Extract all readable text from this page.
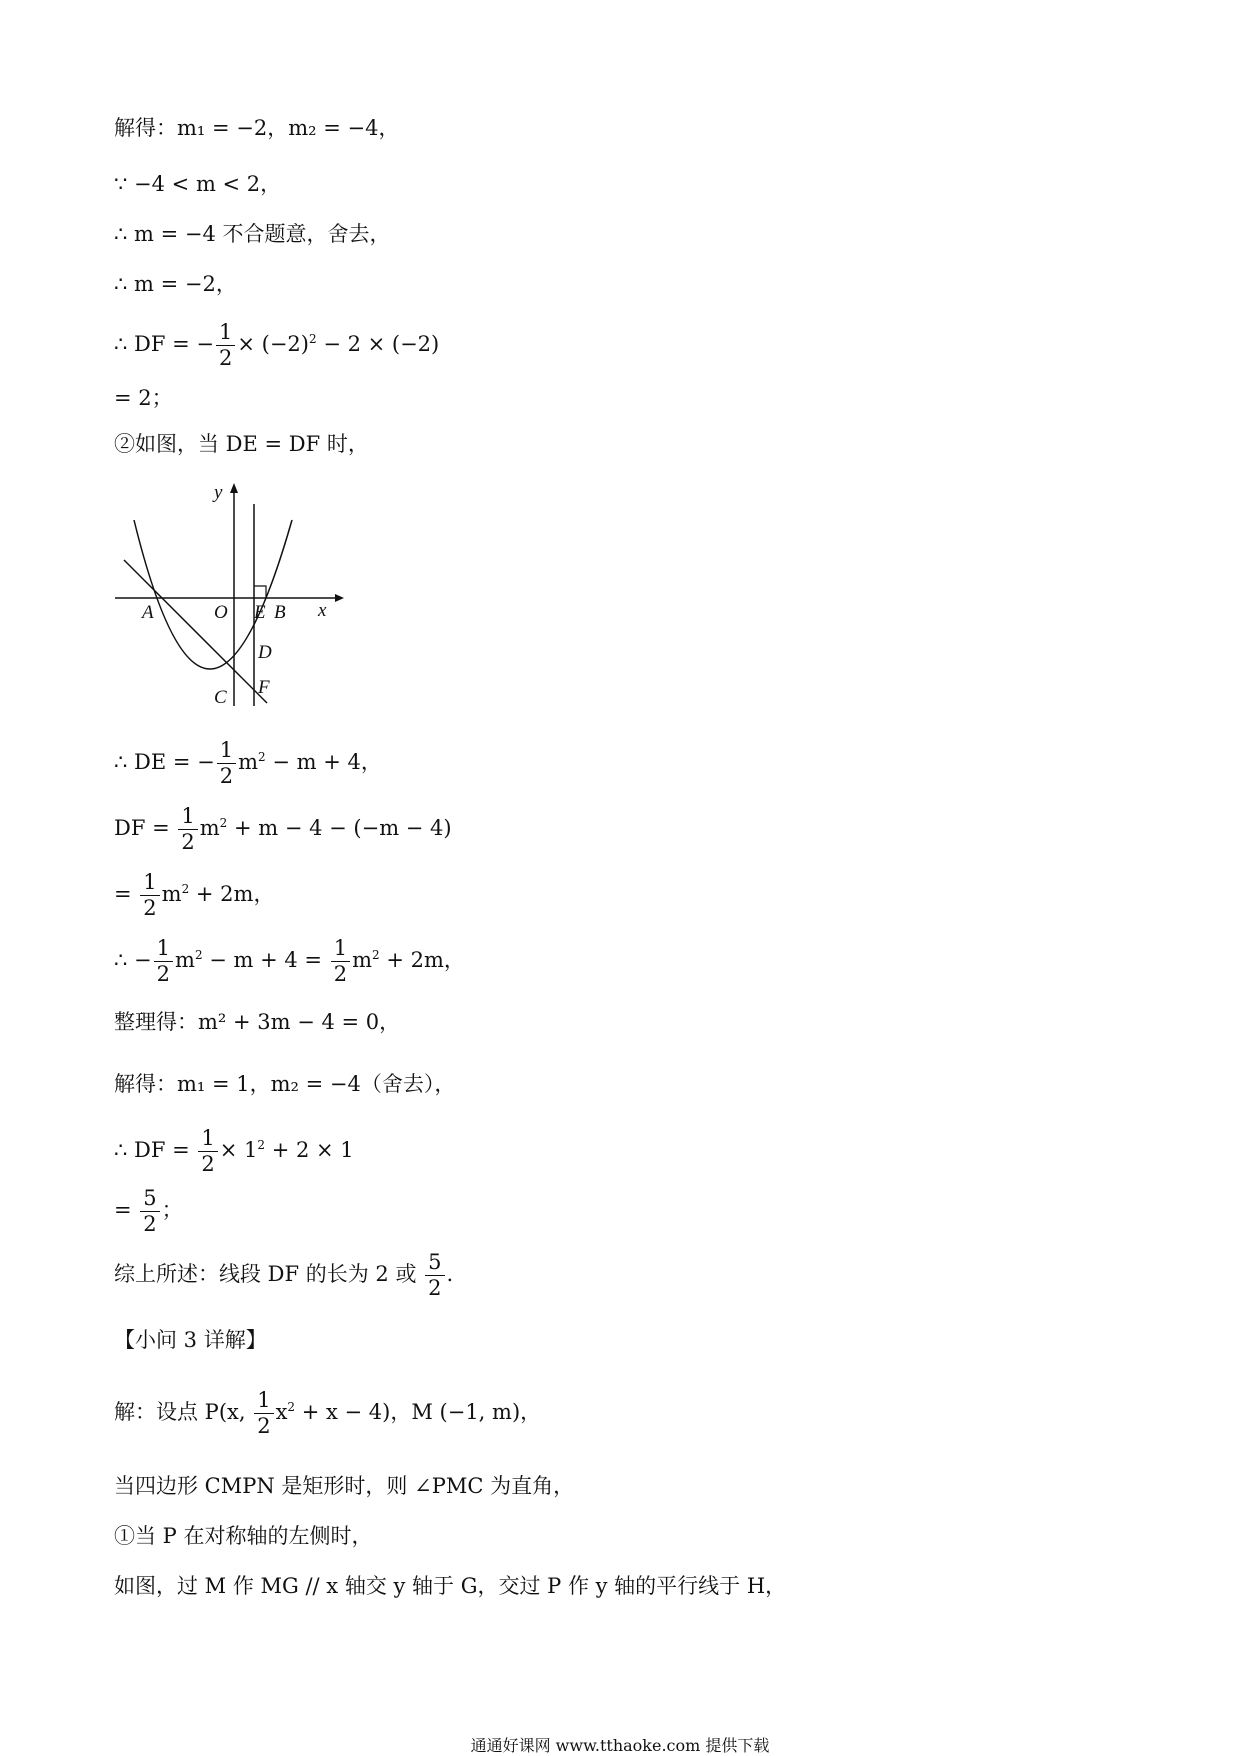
解得：m₁ = −2，m₂ = −4，
∵ −4 < m < 2，
∴ m = −4 不合题意，舍去，
∴ m = −2，
∴ DF = − $\frac{1}{2} \times (-2)^2 - 2 \times (-2)$
= 2；
②如图，当 DE = DF 时，
y
x
A	O E B
D
C F
∴ DE = − $\frac{1}{2} m^2 - m + 4$，
DF = $\frac{1}{2} m^2 + m - 4 - (-m - 4)$
= $\frac{1}{2} m^2 + 2m$，
∴ − $\frac{1}{2} m^2 - m + 4 = \frac{1}{2} m^2 + 2m$，
整理得：m² + 3m − 4 = 0，
解得：m₁ = 1，m₂ = −4（舍去），
∴ DF = $\frac{1}{2} \times 1^2 + 2 \times 1$
= $\frac{5}{2}$ ；
综上所述：线段 DF 的长为 2 或 $\frac{5}{2}$ .
【小问 3 详解】
解：设点 P(x, $\frac{1}{2} x^2 + x - 4$)，M (−1, m)，
当四边形 CMPN 是矩形时，则 ∠PMC 为直角，
①当 P 在对称轴的左侧时，
如图，过 M 作 MG // x 轴交 y 轴于 G，交过 P 作 y 轴的平行线于 H，
通通好课网 www.tthaoke.com 提供下载
